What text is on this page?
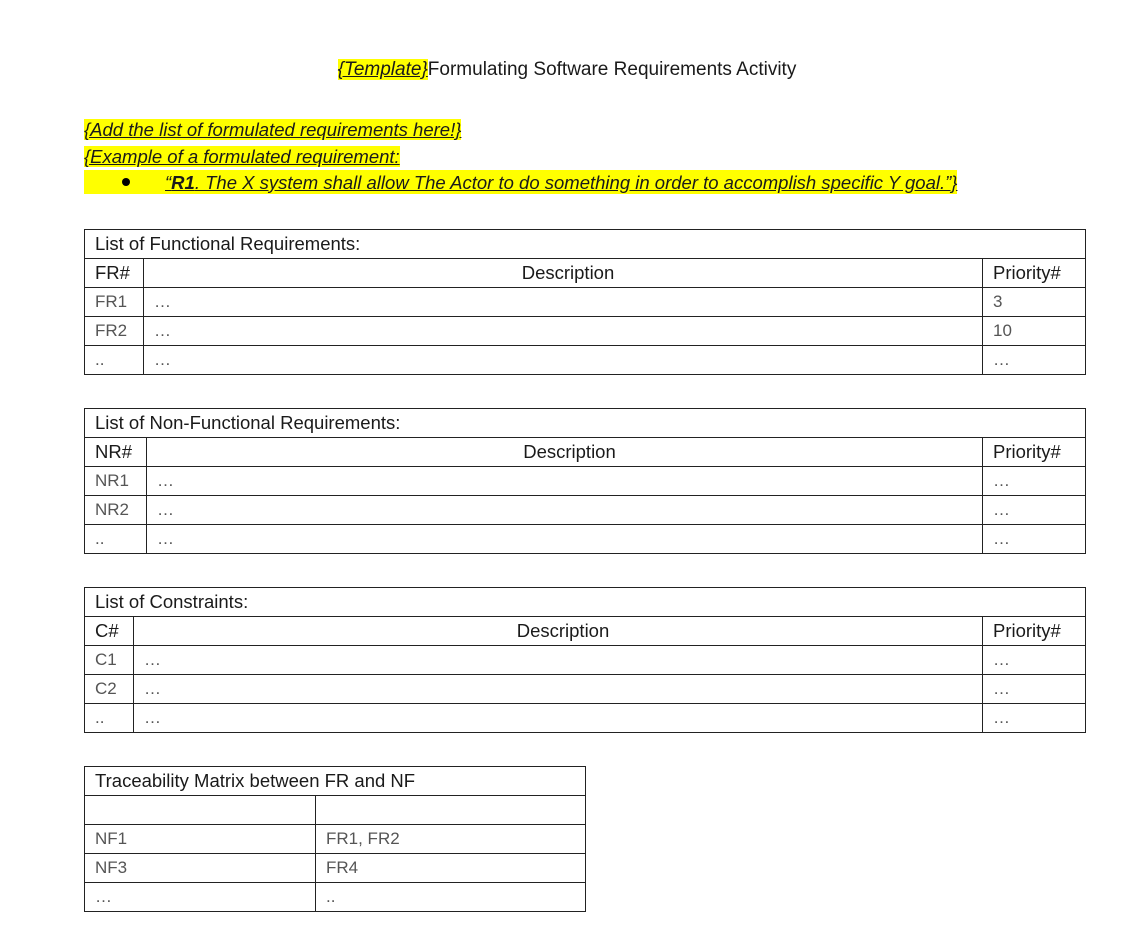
{Template}Formulating Software Requirements Activity
{Add the list of formulated requirements here!}
{Example of a formulated requirement:
“R1. The X system shall allow The Actor to do something in order to accomplish specific Y goal.”}
List of Functional Requirements:		
FR#	Description	Priority#
FR1	…	3
FR2	…	10
..	…	…
List of Non-Functional Requirements:		
NR#	Description	Priority#
NR1	…	…
NR2	…	…
..	…	…
List of Constraints:		
C#	Description	Priority#
C1	…	…
C2	…	…
..	…	…
Traceability Matrix between FR and NF	

NF1	FR1, FR2
NF3	FR4
…	..
